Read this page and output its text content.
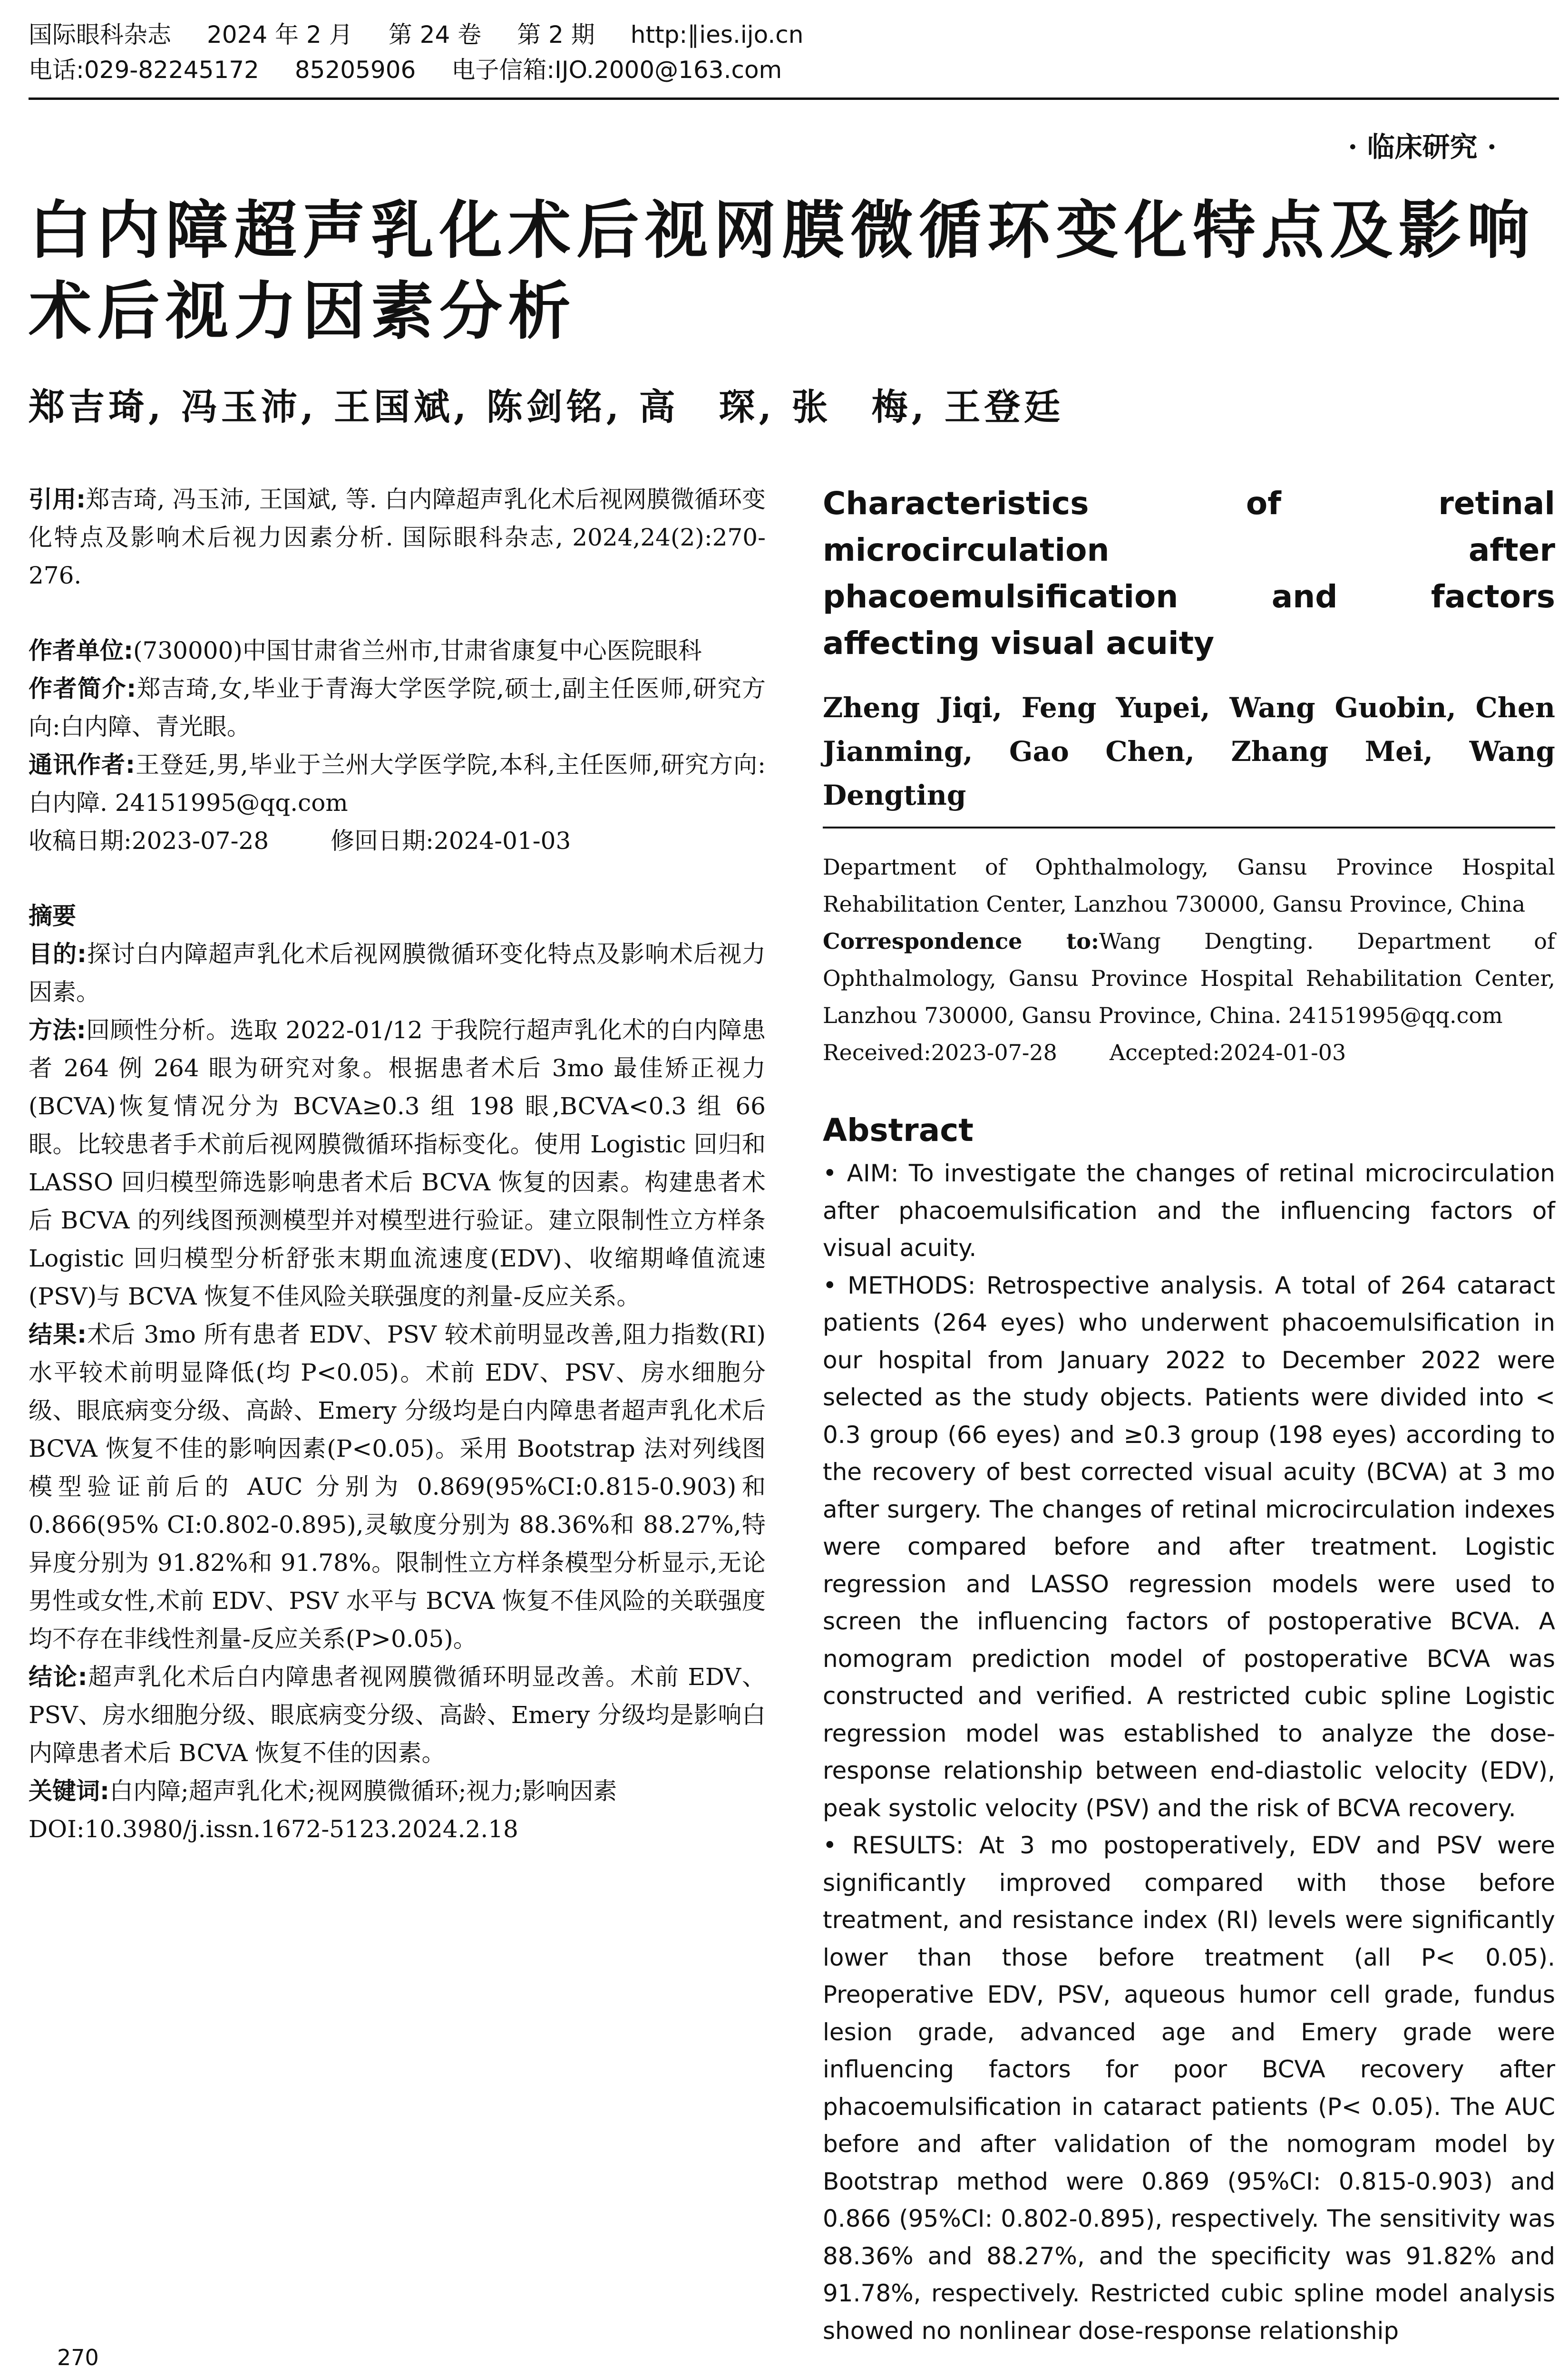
国际眼科杂志 2024 年 2 月 第 24 卷 第 2 期 http:∥ies.ijo.cn
电话:029-82245172 85205906 电子信箱:IJO.2000@163.com
· 临床研究 ·
白内障超声乳化术后视网膜微循环变化特点及影响术后视力因素分析
郑吉琦, 冯玉沛, 王国斌, 陈剑铭, 高　琛, 张　梅, 王登廷

引用:郑吉琦, 冯玉沛, 王国斌, 等. 白内障超声乳化术后视网膜微循环变化特点及影响术后视力因素分析. 国际眼科杂志, 2024,24(2):270-276.

作者单位:(730000)中国甘肃省兰州市,甘肃省康复中心医院眼科

作者简介:郑吉琦,女,毕业于青海大学医学院,硕士,副主任医师,研究方向:白内障、青光眼。

通讯作者:王登廷,男,毕业于兰州大学医学院,本科,主任医师,研究方向:白内障. 24151995@qq.com

收稿日期:2023-07-28	修回日期:2024-01-03

摘要

目的:探讨白内障超声乳化术后视网膜微循环变化特点及影响术后视力因素。

方法:回顾性分析。选取 2022-01/12 于我院行超声乳化术的白内障患者 264 例 264 眼为研究对象。根据患者术后 3mo 最佳矫正视力(BCVA)恢复情况分为 BCVA≥0.3 组 198 眼,BCVA<0.3 组 66 眼。比较患者手术前后视网膜微循环指标变化。使用 Logistic 回归和 LASSO 回归模型筛选影响患者术后 BCVA 恢复的因素。构建患者术后 BCVA 的列线图预测模型并对模型进行验证。建立限制性立方样条 Logistic 回归模型分析舒张末期血流速度(EDV)、收缩期峰值流速(PSV)与 BCVA 恢复不佳风险关联强度的剂量-反应关系。

结果:术后 3mo 所有患者 EDV、PSV 较术前明显改善,阻力指数(RI)水平较术前明显降低(均 P<0.05)。术前 EDV、PSV、房水细胞分级、眼底病变分级、高龄、Emery 分级均是白内障患者超声乳化术后 BCVA 恢复不佳的影响因素(P<0.05)。采用 Bootstrap 法对列线图模型验证前后的 AUC 分别为 0.869(95%CI:0.815-0.903)和 0.866(95% CI:0.802-0.895),灵敏度分别为 88.36%和 88.27%,特异度分别为 91.82%和 91.78%。限制性立方样条模型分析显示,无论男性或女性,术前 EDV、PSV 水平与 BCVA 恢复不佳风险的关联强度均不存在非线性剂量-反应关系(P>0.05)。

结论:超声乳化术后白内障患者视网膜微循环明显改善。术前 EDV、PSV、房水细胞分级、眼底病变分级、高龄、Emery 分级均是影响白内障患者术后 BCVA 恢复不佳的因素。

关键词:白内障;超声乳化术;视网膜微循环;视力;影响因素

DOI:10.3980/j.issn.1672-5123.2024.2.18

Characteristics of retinal microcirculation after phacoemulsification and factors affecting visual acuity

Zheng Jiqi, Feng Yupei, Wang Guobin, Chen Jianming, Gao Chen, Zhang Mei, Wang Dengting

Department of Ophthalmology, Gansu Province Hospital Rehabilitation Center, Lanzhou 730000, Gansu Province, China

Correspondence to:Wang Dengting. Department of Ophthalmology, Gansu Province Hospital Rehabilitation Center, Lanzhou 730000, Gansu Province, China. 24151995@qq.com

Received:2023-07-28 Accepted:2024-01-03

Abstract

• AIM: To investigate the changes of retinal microcirculation after phacoemulsification and the influencing factors of visual acuity.

• METHODS: Retrospective analysis. A total of 264 cataract patients (264 eyes) who underwent phacoemulsification in our hospital from January 2022 to December 2022 were selected as the study objects. Patients were divided into < 0.3 group (66 eyes) and ≥0.3 group (198 eyes) according to the recovery of best corrected visual acuity (BCVA) at 3 mo after surgery. The changes of retinal microcirculation indexes were compared before and after treatment. Logistic regression and LASSO regression models were used to screen the influencing factors of postoperative BCVA. A nomogram prediction model of postoperative BCVA was constructed and verified. A restricted cubic spline Logistic regression model was established to analyze the dose-response relationship between end-diastolic velocity (EDV), peak systolic velocity (PSV) and the risk of BCVA recovery.

• RESULTS: At 3 mo postoperatively, EDV and PSV were significantly improved compared with those before treatment, and resistance index (RI) levels were significantly lower than those before treatment (all P< 0.05). Preoperative EDV, PSV, aqueous humor cell grade, fundus lesion grade, advanced age and Emery grade were influencing factors for poor BCVA recovery after phacoemulsification in cataract patients (P< 0.05). The AUC before and after validation of the nomogram model by Bootstrap method were 0.869 (95%CI: 0.815-0.903) and 0.866 (95%CI: 0.802-0.895), respectively. The sensitivity was 88.36% and 88.27%, and the specificity was 91.82% and 91.78%, respectively. Restricted cubic spline model analysis showed no nonlinear dose-response relationship

270
